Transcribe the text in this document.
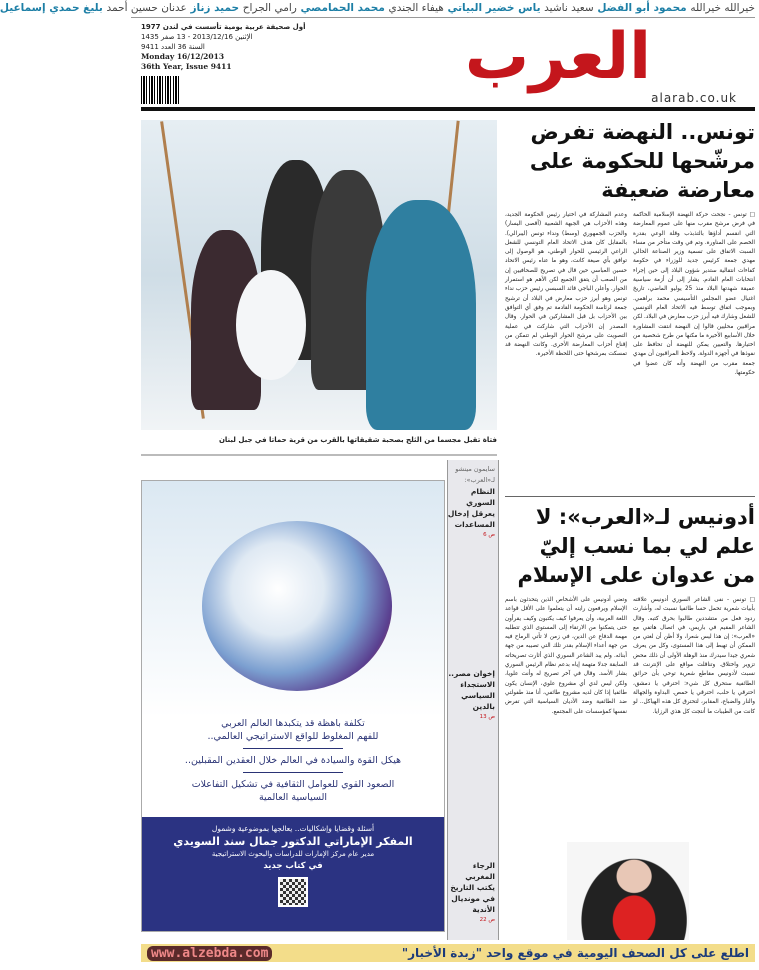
خيرالله خيرالله محمود أبو الفضل سعيد ناشيد ياس خضير البياتي هيفاء الجندي محمد الحمامصي رامي الجراح حميد زناز عدنان حسين أحمد بليغ حمدي إسماعيل
أول صحيفة عربية يومية تأسست في لندن 1977
الإثنين 2013/12/16 - 13 صفر 1435
السنة 36 العدد 9411
Monday 16/12/2013
36th Year, Issue 9411	العرب
alarab.co.uk
فتاة تقبل مجسما من الثلج بصحبة شقيقاتها بالقرب من قرية حماتا في جبل لبنان
تكلفة باهظة قد يتكبدها العالم العربي
للفهم المغلوط للواقع الاستراتيجي العالمي..
هيكل القوة والسيادة في العالم خلال العقدين المقبلين..
الصعود القوي للعوامل الثقافية في تشكيل التفاعلات
السياسية العالمية
أسئلة وقضايا وإشكاليات.. يعالجها بموضوعية وشمول
المفكر الإماراتي الدكتور جمال سند السويدي
مدير عام مركز الإمارات للدراسات والبحوث الاستراتيجية
في كتاب جديد
سايمون مينشو لـ«العرب»:
النظام السوري يعرقل إدخال المساعدات
ص 6
إخوان مصر.. الاستجداء السياسي بالدين
ص 13
الرجاء المغربي يكتب التاريخ في مونديال الأندية
ص 22
تونس.. النهضة تفرض مرشّحها للحكومة على معارضة ضعيفة
□ تونس - نجحت حركة النهضة الإسلامية الحاكمة في فرض مرشح مقرب منها على عموم المعارضة التي انقسم أداؤها بالتذبذب وقلة الوعي بقدرة الخصم على المناورة. وتم في وقت متأخر من مساء السبت الاتفاق على تسمية وزير الصناعة الحالي مهدي جمعة كرئيس جديد للوزراء في حكومة كفاءات انتقالية ستدير شؤون البلاد إلى حين إجراء انتخابات العام القادم. يشار إلى أن أزمة سياسية عميقة شهدتها البلاد منذ 25 يوليو الماضي، تاريخ اغتيال عضو المجلس التأسيسي محمد براهمي. وبموجب اتفاق توسط فيه الاتحاد العام التونسي للشغل وشارك فيه أبرز حزب معارض في البلاد. لكن مراقبين محليين قالوا إن النهضة انتقت المشاورة خلال الأسابيع الأخيرة ما مكنها من طرح شخصية من اختيارها. والتعيين يمكن للنهضة أن تحافظ على نفوذها في أجهزة الدولة. ولاحظ المراقبون أن مهدي جمعة مقرب من النهضة وأنه كان عضوا في حكومتها.
وعدم المشاركة في اختيار رئيس الحكومة الجديد، وهذه الأحزاب هي الجبهة الشعبية (أقصى اليسار) والحزب الجمهوري (وسط) ونداء تونس (ليبرالي). بالمقابل كان هدف الاتحاد العام التونسي للشغل الراعي الرئيسي للحوار الوطني، هو الوصول إلى توافق بأي صيغة كانت، وهو ما عناه رئيس الاتحاد حسين العباسي حين قال في تصريح للصحافيين إن من الصعب أن يتفق الجميع لكن الأهم هو استمرار الحوار. وأعلن الباجي قائد السبسي رئيس حزب نداء تونس وهو أبرز حزب معارض في البلاد أن ترشيح جمعة لرئاسة الحكومة القادمة تم وفق أي التوافق بين الأحزاب بل قبل المشاركين في الحوار. وقال المصدر إن الأحزاب التي شاركت في عملية التصويت على مرشح الحوار الوطني لم تتمكن من إقناع أحزاب المعارضة الأخرى. وكانت النهضة قد تمسكت بمرشحها حتى اللحظة الأخيرة.
أدونيس لـ«العرب»: لا علم لي بما نسب إليّ من عدوان على الإسلام
□ تونس - نفى الشاعر السوري أدونيس علاقته بأبيات شعرية تحمل حسا طائفيا نسبت له، وأشارت ردود فعل من متشددين طالبوا بحرق كتبه. وقال الشاعر المقيم في باريس، في اتصال هاتفي مع «العرب»: إن هذا ليس شعرا، ولا أظن أن لغتي من الممكن أن تهبط إلى هذا المستوى، وكل من يعرف شعري جيدا سيدرك منذ الوهلة الأولى أن ذلك محض تزوير واختلاق. وتناقلت مواقع على الإنترنت قد نسبت لأدونيس مقاطع شعرية توحي بأن حرائق الطائفية ستحرق كل شيء: احترقي يا دمشق، احترقي يا حلب، احترقي يا حمص. البداوة والجهالة والنار والضباع، المقابر، لتحترق كل هذه الهياكل.. لو كانت من الطيبات ما أنتجت كل هذي الرزايا.
وتعني أدونيس على الأشخاص الذين يتحدثون باسم الإسلام ويرفعون رايته أن يتعلموا على الأقل قواعد اللغة العربية، وأن يعرفوا كيف يكتبون وكيف يقرأون حتى يتمكنوا من الارتقاء إلى المستوى الذي تتطلبه مهمة الدفاع عن الدين، في زمن لا تأتي الرماح فيه من جهة أعداء الإسلام بقدر تلك التي تصيبه من جهة أبنائه. ولم يبد الشاعر السوري الذي أثارت تصريحاته السابقة جدلا متهمة إياه بدعم نظام الرئيس السوري بشار الأسد. وقال في آخر تصريح له وأنت علويا، ولكن ليس لدي أي مشروع علوي، الإنسان يكون طائفيا إذا كان لديه مشروع طائفي، أنا منذ طفولتي ضد الطائفية وضد الأديان السياسية التي تفرض نفسها كمؤسسات على المجتمع.
www.alzebda.com	اطلع على كل الصحف اليومية في موقع واحد "زبدة الأخبار"
